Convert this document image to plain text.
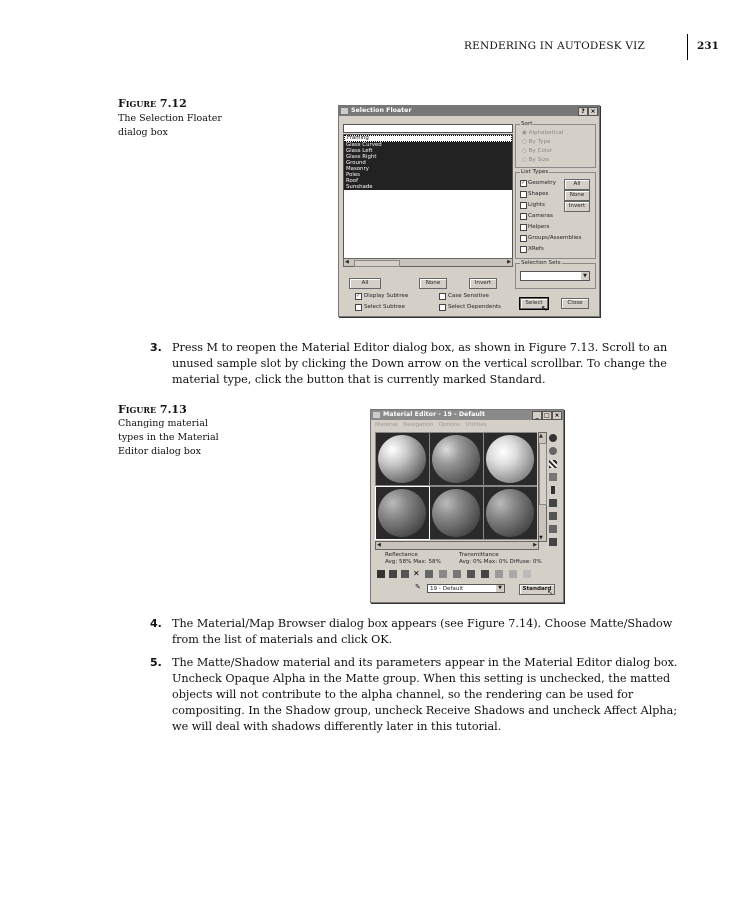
RENDERING IN AUTODESK VIZ	231
Figure 7.12
The Selection Floater dialog box
Selection Floater	? ×
Framing
Glass Curved
Glass Left
Glass Right
Ground
Masonry
Poles
Roof
Sunshade
◀	▶
Sort
◉ Alphabetical
○ By Type
○ By Color
○ By Size
List Types
✓ Geometry
Shapes
Lights
Cameras
Helpers
Groups/Assemblies
XRefs
All
None
Invert
Selection Sets
▼
All	None	Invert
✓ Display Subtree
Select Subtree
Case Sensitive
Select Dependents
Select
↖
Close
3. Press M to reopen the Material Editor dialog box, as shown in Figure 7.13. Scroll to an unused sample slot by clicking the Down arrow on the vertical scrollbar. To change the material type, click the button that is currently marked Standard.
Figure 7.13
Changing material types in the Material Editor dialog box
Material Editor - 19 - Default	_ □ ×
Material Navigation Options Utilities
▲
▼
◀	▶
Reflectance
Avg: 58% Max: 58%
Transmittance
Avg: 0% Max: 0% Diffuse: 0%
✕
✎	19 - Default	▼	Standard
↖
4. The Material/Map Browser dialog box appears (see Figure 7.14). Choose Matte/Shadow from the list of materials and click OK.
5. The Matte/Shadow material and its parameters appear in the Material Editor dialog box. Uncheck Opaque Alpha in the Matte group. When this setting is unchecked, the matted objects will not contribute to the alpha channel, so the rendering can be used for compositing. In the Shadow group, uncheck Receive Shadows and uncheck Affect Alpha; we will deal with shadows differently later in this tutorial.
